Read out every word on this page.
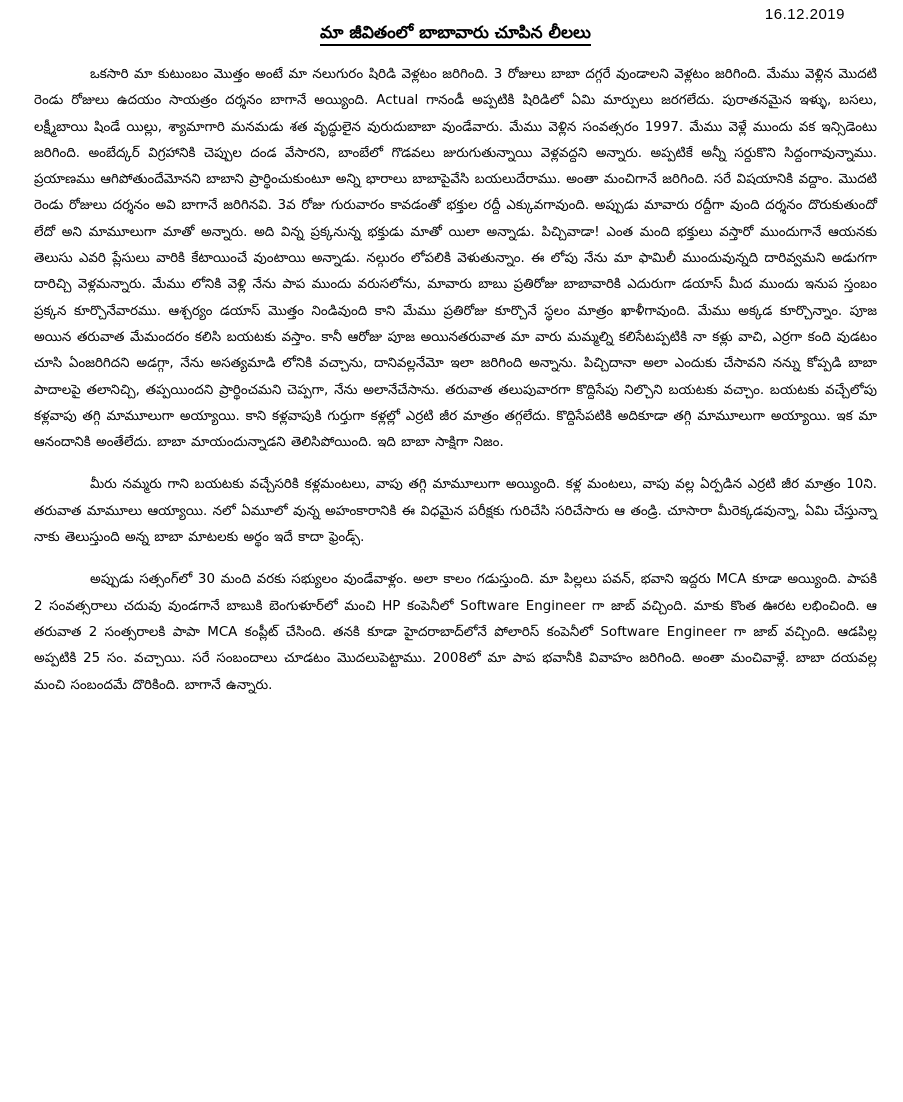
16.12.2019
మా జీవితంలో బాబావారు చూపిన లీలలు

ఒకసారి మా కుటుంబం మొత్తం అంటే మా నలుగురం షిరిడి వెళ్లటం జరిగింది. 3 రోజులు బాబా దగ్గరే వుండాలని వెళ్లటం జరిగింది. మేము వెళ్లిన మొదటి రెండు రోజులు ఉదయం సాయత్రం దర్శనం బాగానే అయ్యింది. Actual గానండీ అప్పటికి షిరిడిలో ఏమి మార్పులు జరగలేదు. పురాతనమైన ఇళ్ళు, బసలు, లక్ష్మీబాయి షిండే యిల్లు, శ్యామాగారి మనమడు శత వృద్ధులైన వురుదుబాబా వుండేవారు. మేము వెళ్లిన సంవత్సరం 1997. మేము వెళ్లే ముందు వక ఇన్సిడెంటు జరిగింది. అంబేద్కర్ విగ్రహానికి చెప్పుల దండ వేసారని, బాంబేలో గొడవలు జురుగుతున్నాయి వెళ్లవద్దని అన్నారు. అప్పటికే అన్నీ సర్దుకొని సిద్దంగావున్నాము. ప్రయాణము ఆగిపోతుందేమోనని బాబాని ప్రార్థించుకుంటూ అన్ని భారాలు బాబాపైవేసి బయలుదేరాము. అంతా మంచిగానే జరిగింది. సరే విషయానికి వద్దాం. మొదటి రెండు రోజులు దర్శనం అవి బాగానే జరిగినవి. 3వ రోజు గురువారం కావడంతో భక్తుల రద్దీ ఎక్కువగావుంది. అప్పుడు మావారు రద్దీగా వుంది దర్శనం దొరుకుతుందో లేదో అని మామూలుగా మాతో అన్నారు. అది విన్న ప్రక్కనున్న భక్తుడు మాతో యిలా అన్నాడు. పిచ్చివాడా! ఎంత మంది భక్తులు వస్తారో ముందుగానే ఆయనకు తెలుసు ఎవరి ప్లేసులు వారికి కేటాయించే వుంటాయి అన్నాడు. నల్గురం లోపలికి వెళుతున్నాం. ఈ లోపు నేను మా ఫామిలీ ముందువున్నది దారివ్వమని అడుగగా దారిచ్చి వెళ్లమన్నారు. మేము లోనికి వెళ్లి నేను పాప ముందు వరుసలోను, మావారు బాబు ప్రతిరోజు బాబావారికి ఎదురుగా డయాస్ మీద ముందు ఇనుప స్తంబం ప్రక్కన కూర్చొనేవారము. ఆశ్చర్యం డయాస్ మొత్తం నిండివుంది కాని మేము ప్రతిరోజు కూర్చొనే స్థలం మాత్రం ఖాళీగావుంది. మేము అక్కడ కూర్చొన్నాం. పూజ అయిన తరువాత మేమందరం కలిసి బయటకు వస్తాం. కానీ ఆరోజు పూజ అయినతరువాత మా వారు మమ్మల్ని కలిసేటప్పటికి నా కళ్లు వాచి, ఎర్రగా కంది వుడటం చూసి ఏంజరిగిదని అడగ్గా, నేను అసత్యమాడి లోనికి వచ్చాను, దానివల్లనేమో ఇలా జరిగింది అన్నాను. పిచ్చిదానా అలా ఎందుకు చేసావని నన్ను కోప్పడి బాబా పాదాలపై తలానిచ్చి, తప్పయిందని ప్రార్థించమని చెప్పగా, నేను అలానేచేసాను. తరువాత తలుపువారగా కొద్దిసేపు నిల్చొని బయటకు వచ్చాం. బయటకు వచ్చేలోపు కళ్లవాపు తగ్గి మామూలుగా అయ్యాయి. కాని కళ్లవాపుకి గుర్తుగా కళ్లల్లో ఎర్రటి జీర మాత్రం తగ్గలేదు. కొద్దిసేపటికి అదికూడా తగ్గి మామూలుగా అయ్యాయి. ఇక మా ఆనందానికి అంతేలేదు. బాబా మాయందున్నాడని తెలిసిపోయింది. ఇది బాబా సాక్షిగా నిజం.

మీరు నమ్మరు గాని బయటకు వచ్చేసరికి కళ్లమంటలు, వాపు తగ్గి మామూలుగా అయ్యింది. కళ్ల మంటలు, వాపు వల్ల ఏర్పడిన ఎర్రటి జీర మాత్రం 10ని. తరువాత మామూలు ఆయ్యాయి. నలో ఏమూలో వున్న అహంకారానికి ఈ విధమైన పరీక్షకు గురిచేసి సరిచేసారు ఆ తండ్రి. చూసారా మీరెక్కడవున్నా, ఏమి చేస్తున్నా నాకు తెలుస్తుంది అన్న బాబా మాటలకు అర్థం ఇదే కాదా ఫ్రెండ్స్.

అప్పుడు సత్సంగ్‌లో 30 మంది వరకు సభ్యులం వుండేవాళ్లం. అలా కాలం గడుస్తుంది. మా పిల్లలు పవన్, భవాని ఇద్దరు MCA కూడా అయ్యింది. పాపకి 2 సంవత్సరాలు చదువు వుండగానే బాబుకి బెంగుళూర్‌లో మంచి HP కంపెనీలో Software Engineer గా జాబ్ వచ్చింది. మాకు కొంత ఊరట లభించింది. ఆ తరువాత 2 సంత్సరాలకి పాపా MCA కంప్లీట్ చేసింది. తనకి కూడా హైదరాబాద్‌లోనే పోలారిస్ కంపెనీలో Software Engineer గా జాబ్ వచ్చింది. ఆడపిల్ల అప్పటికి 25 సం. వచ్చాయి. సరే సంబందాలు చూడటం మొదలుపెట్టాము. 2008లో మా పాప భవానీకి వివాహం జరిగింది. అంతా మంచివాళ్లే. బాబా దయవల్ల మంచి సంబందమే దొరికింది. బాగానే ఉన్నారు.
